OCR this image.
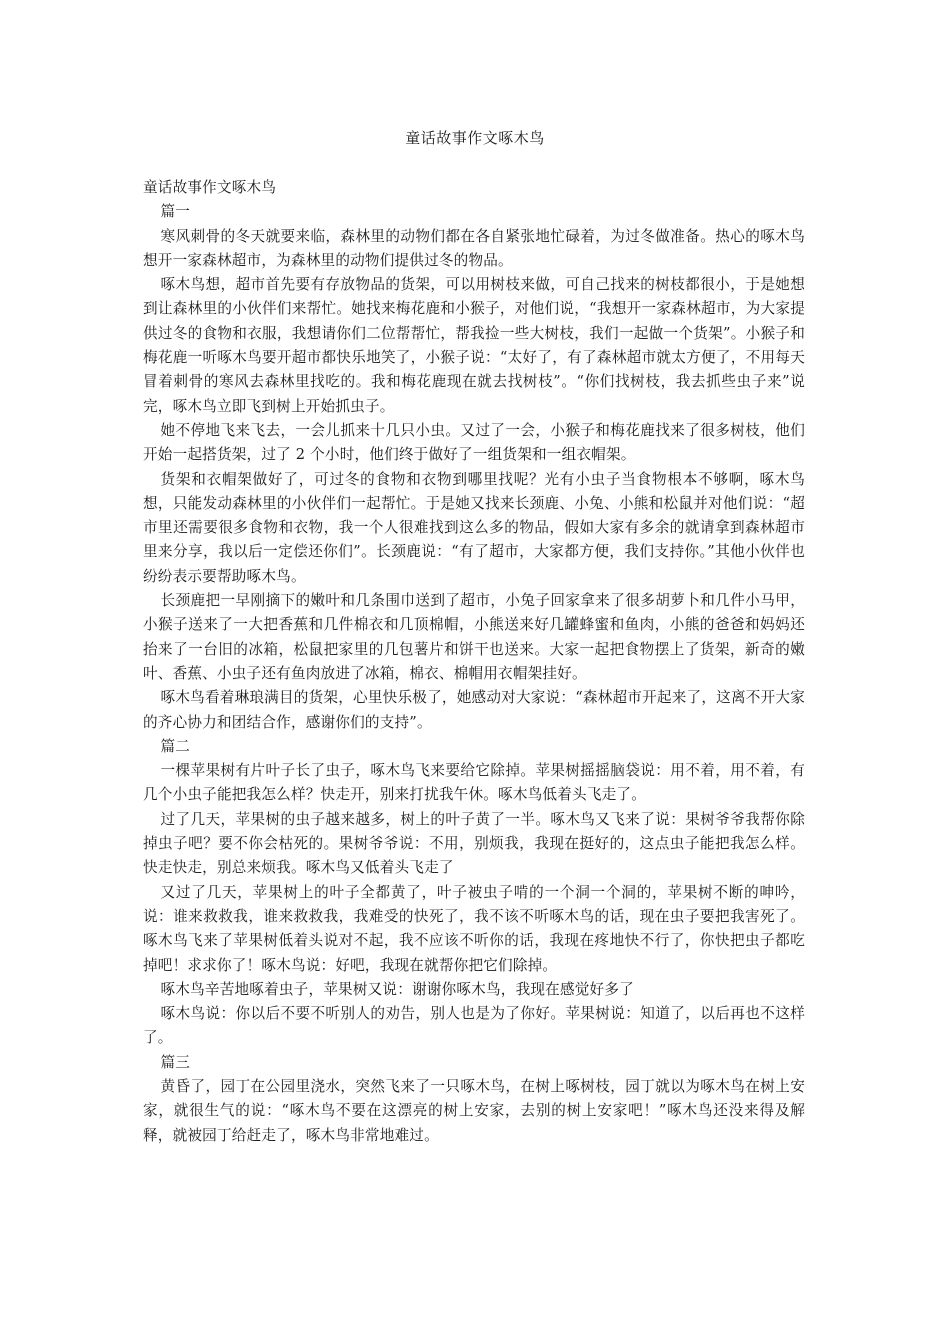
童话故事作文啄木鸟

童话故事作文啄木鸟

篇一

寒风刺骨的冬天就要来临，森林里的动物们都在各自紧张地忙碌着，为过冬做准备。热心的啄木鸟想开一家森林超市，为森林里的动物们提供过冬的物品。

啄木鸟想，超市首先要有存放物品的货架，可以用树枝来做，可自己找来的树枝都很小，于是她想到让森林里的小伙伴们来帮忙。她找来梅花鹿和小猴子，对他们说，“我想开一家森林超市，为大家提供过冬的食物和衣服，我想请你们二位帮帮忙，帮我捡一些大树枝，我们一起做一个货架”。小猴子和梅花鹿一听啄木鸟要开超市都快乐地笑了，小猴子说：“太好了，有了森林超市就太方便了，不用每天冒着刺骨的寒风去森林里找吃的。我和梅花鹿现在就去找树枝”。“你们找树枝，我去抓些虫子来”说完，啄木鸟立即飞到树上开始抓虫子。

她不停地飞来飞去，一会儿抓来十几只小虫。又过了一会，小猴子和梅花鹿找来了很多树枝，他们开始一起搭货架，过了 2 个小时，他们终于做好了一组货架和一组衣帽架。

货架和衣帽架做好了，可过冬的食物和衣物到哪里找呢？光有小虫子当食物根本不够啊，啄木鸟想，只能发动森林里的小伙伴们一起帮忙。于是她又找来长颈鹿、小兔、小熊和松鼠并对他们说：“超市里还需要很多食物和衣物，我一个人很难找到这么多的物品，假如大家有多余的就请拿到森林超市里来分享，我以后一定偿还你们”。长颈鹿说：“有了超市，大家都方便，我们支持你。”其他小伙伴也纷纷表示要帮助啄木鸟。

长颈鹿把一早刚摘下的嫩叶和几条围巾送到了超市，小兔子回家拿来了很多胡萝卜和几件小马甲，小猴子送来了一大把香蕉和几件棉衣和几顶棉帽，小熊送来好几罐蜂蜜和鱼肉，小熊的爸爸和妈妈还抬来了一台旧的冰箱，松鼠把家里的几包薯片和饼干也送来。大家一起把食物摆上了货架，新奇的嫩叶、香蕉、小虫子还有鱼肉放进了冰箱，棉衣、棉帽用衣帽架挂好。

啄木鸟看着琳琅满目的货架，心里快乐极了，她感动对大家说：“森林超市开起来了，这离不开大家的齐心协力和团结合作，感谢你们的支持”。

篇二

一棵苹果树有片叶子长了虫子，啄木鸟飞来要给它除掉。苹果树摇摇脑袋说：用不着，用不着，有几个小虫子能把我怎么样？快走开，别来打扰我午休。啄木鸟低着头飞走了。

过了几天，苹果树的虫子越来越多，树上的叶子黄了一半。啄木鸟又飞来了说：果树爷爷我帮你除掉虫子吧？要不你会枯死的。果树爷爷说：不用，别烦我，我现在挺好的，这点虫子能把我怎么样。快走快走，别总来烦我。啄木鸟又低着头飞走了

又过了几天，苹果树上的叶子全都黄了，叶子被虫子啃的一个洞一个洞的，苹果树不断的呻吟，说：谁来救救我，谁来救救我，我难受的快死了，我不该不听啄木鸟的话，现在虫子要把我害死了。啄木鸟飞来了苹果树低着头说对不起，我不应该不听你的话，我现在疼地快不行了，你快把虫子都吃掉吧！求求你了！啄木鸟说：好吧，我现在就帮你把它们除掉。

啄木鸟辛苦地啄着虫子，苹果树又说：谢谢你啄木鸟，我现在感觉好多了

啄木鸟说：你以后不要不听别人的劝告，别人也是为了你好。苹果树说：知道了，以后再也不这样了。

篇三

黄昏了，园丁在公园里浇水，突然飞来了一只啄木鸟，在树上啄树枝，园丁就以为啄木鸟在树上安家，就很生气的说：“啄木鸟不要在这漂亮的树上安家，去别的树上安家吧！”啄木鸟还没来得及解释，就被园丁给赶走了，啄木鸟非常地难过。
